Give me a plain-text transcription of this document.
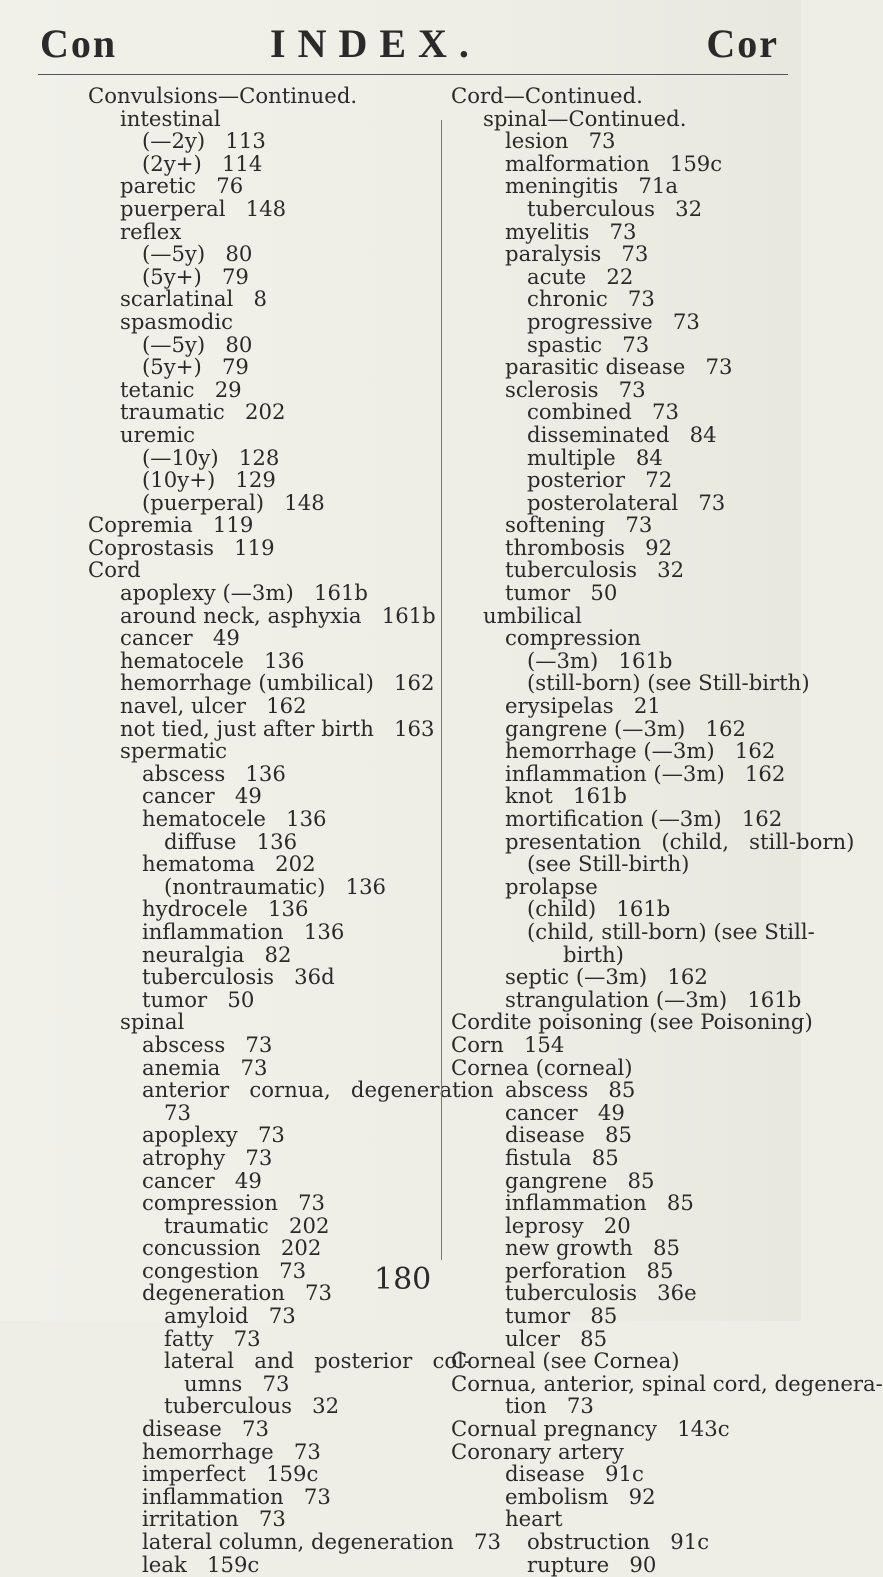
Con	INDEX.	Cor
Convulsions—Continued.
intestinal
(—2y)   113
(2y+)   114
paretic   76
puerperal   148
reflex
(—5y)   80
(5y+)   79
scarlatinal   8
spasmodic
(—5y)   80
(5y+)   79
tetanic   29
traumatic   202
uremic
(—10y)   128
(10y+)   129
(puerperal)   148
Copremia   119
Coprostasis   119
Cord
apoplexy (—3m)   161b
around neck, asphyxia   161b
cancer   49
hematocele   136
hemorrhage (umbilical)   162
navel, ulcer   162
not tied, just after birth   163
spermatic
abscess   136
cancer   49
hematocele   136
diffuse   136
hematoma   202
(nontraumatic)   136
hydrocele   136
inflammation   136
neuralgia   82
tuberculosis   36d
tumor   50
spinal
abscess   73
anemia   73
anterior   cornua,   degeneration
73
apoplexy   73
atrophy   73
cancer   49
compression   73
traumatic   202
concussion   202
congestion   73
degeneration   73
amyloid   73
fatty   73
lateral   and   posterior   col-
umns   73
tuberculous   32
disease   73
hemorrhage   73
imperfect   159c
inflammation   73
irritation   73
lateral column, degeneration   73
leak   159c
Cord—Continued.
spinal—Continued.
lesion   73
malformation   159c
meningitis   71a
tuberculous   32
myelitis   73
paralysis   73
acute   22
chronic   73
progressive   73
spastic   73
parasitic disease   73
sclerosis   73
combined   73
disseminated   84
multiple   84
posterior   72
posterolateral   73
softening   73
thrombosis   92
tuberculosis   32
tumor   50
umbilical
compression
(—3m)   161b
(still-born) (see Still-birth)
erysipelas   21
gangrene (—3m)   162
hemorrhage (—3m)   162
inflammation (—3m)   162
knot   161b
mortification (—3m)   162
presentation   (child,   still-born)
(see Still-birth)
prolapse
(child)   161b
(child, still-born) (see Still-
birth)
septic (—3m)   162
strangulation (—3m)   161b
Cordite poisoning (see Poisoning)
Corn   154
Cornea (corneal)
abscess   85
cancer   49
disease   85
fistula   85
gangrene   85
inflammation   85
leprosy   20
new growth   85
perforation   85
tuberculosis   36e
tumor   85
ulcer   85
Corneal (see Cornea)
Cornua, anterior, spinal cord, degenera-
tion   73
Cornual pregnancy   143c
Coronary artery
disease   91c
embolism   92
heart
obstruction   91c
rupture   90
180
